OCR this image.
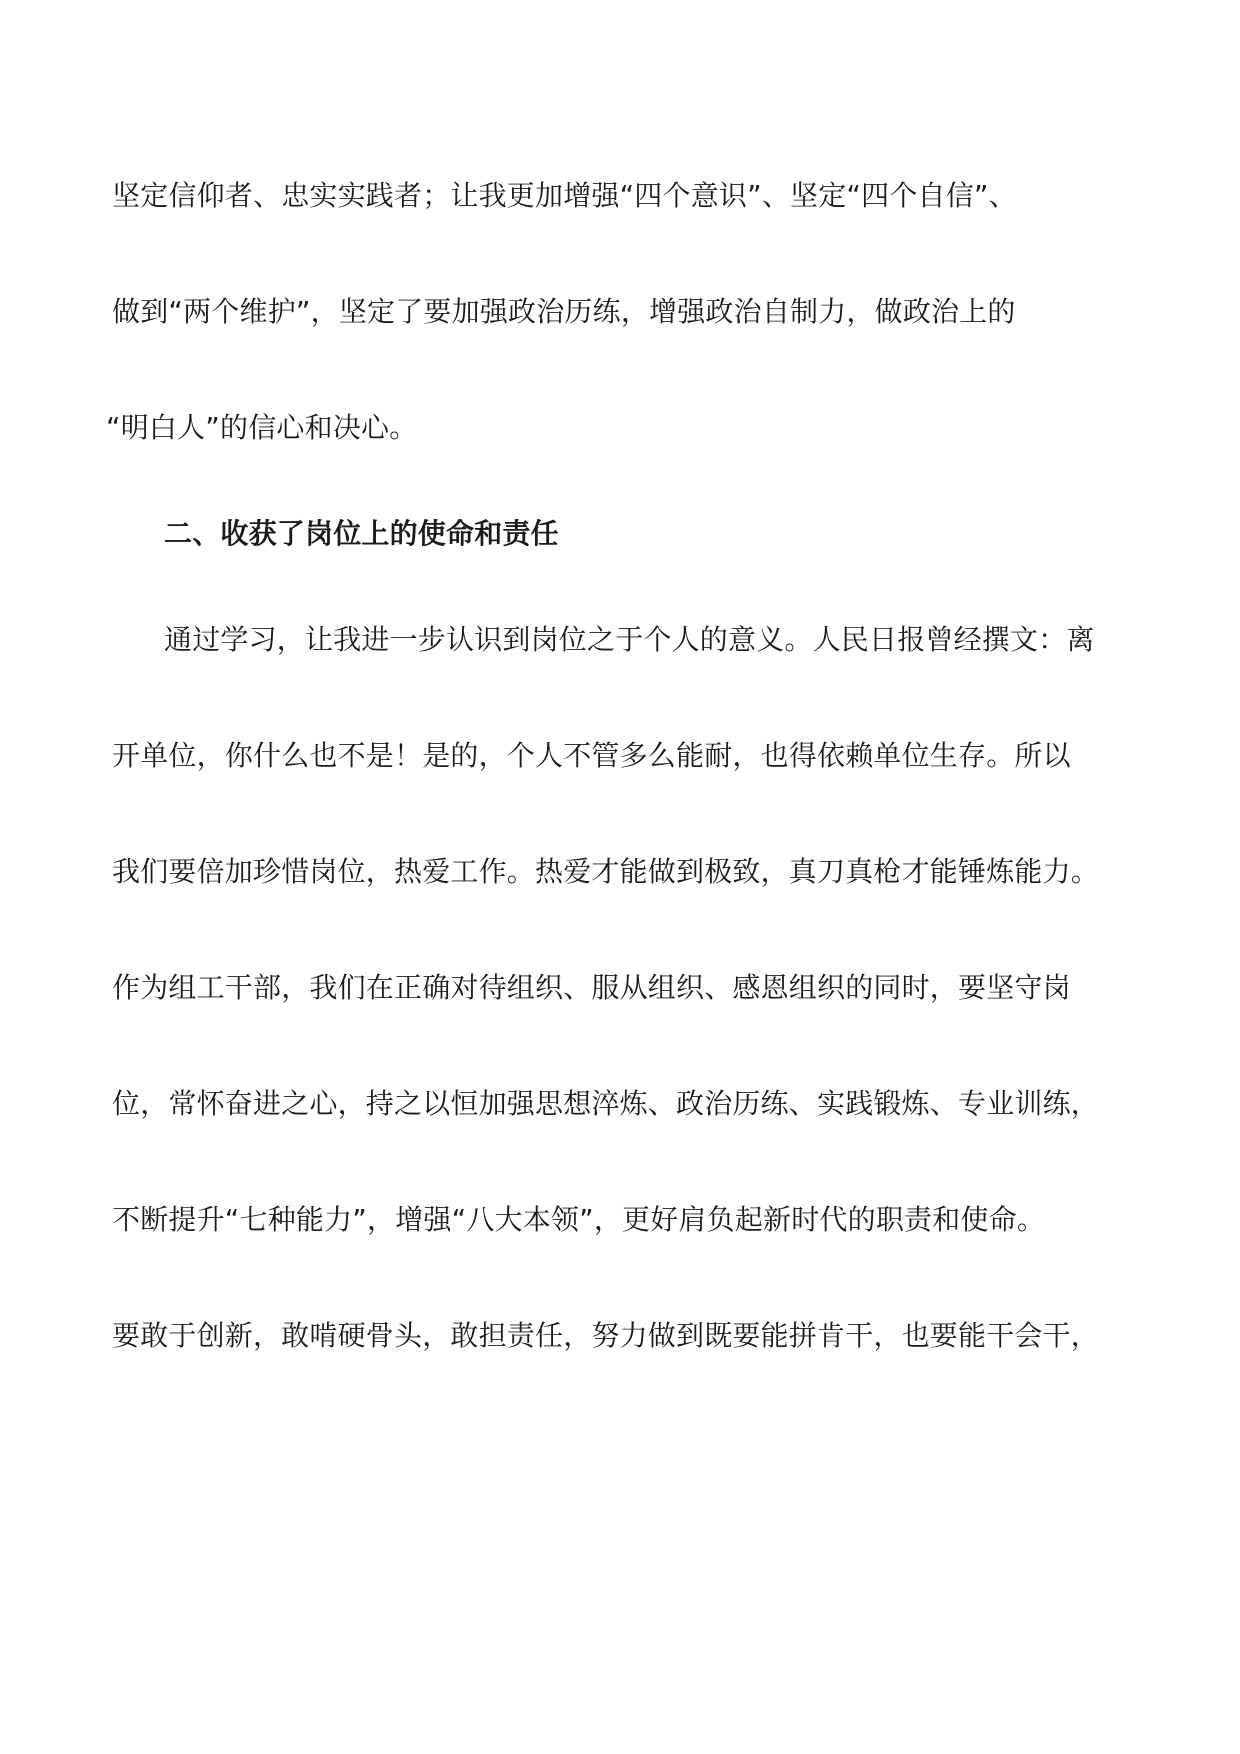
坚定信仰者、忠实实践者；让我更加增强“四个意识”、坚定“四个自信”、
做到“两个维护”，坚定了要加强政治历练，增强政治自制力，做政治上的
“明白人”的信心和决心。
二、收获了岗位上的使命和责任
通过学习，让我进一步认识到岗位之于个人的意义。人民日报曾经撰文：离
开单位，你什么也不是！是的，个人不管多么能耐，也得依赖单位生存。所以
我们要倍加珍惜岗位，热爱工作。热爱才能做到极致，真刀真枪才能锤炼能力。
作为组工干部，我们在正确对待组织、服从组织、感恩组织的同时，要坚守岗
位，常怀奋进之心，持之以恒加强思想淬炼、政治历练、实践锻炼、专业训练，
不断提升“七种能力”，增强“八大本领”，更好肩负起新时代的职责和使命。
要敢于创新，敢啃硬骨头，敢担责任，努力做到既要能拼肯干，也要能干会干，
